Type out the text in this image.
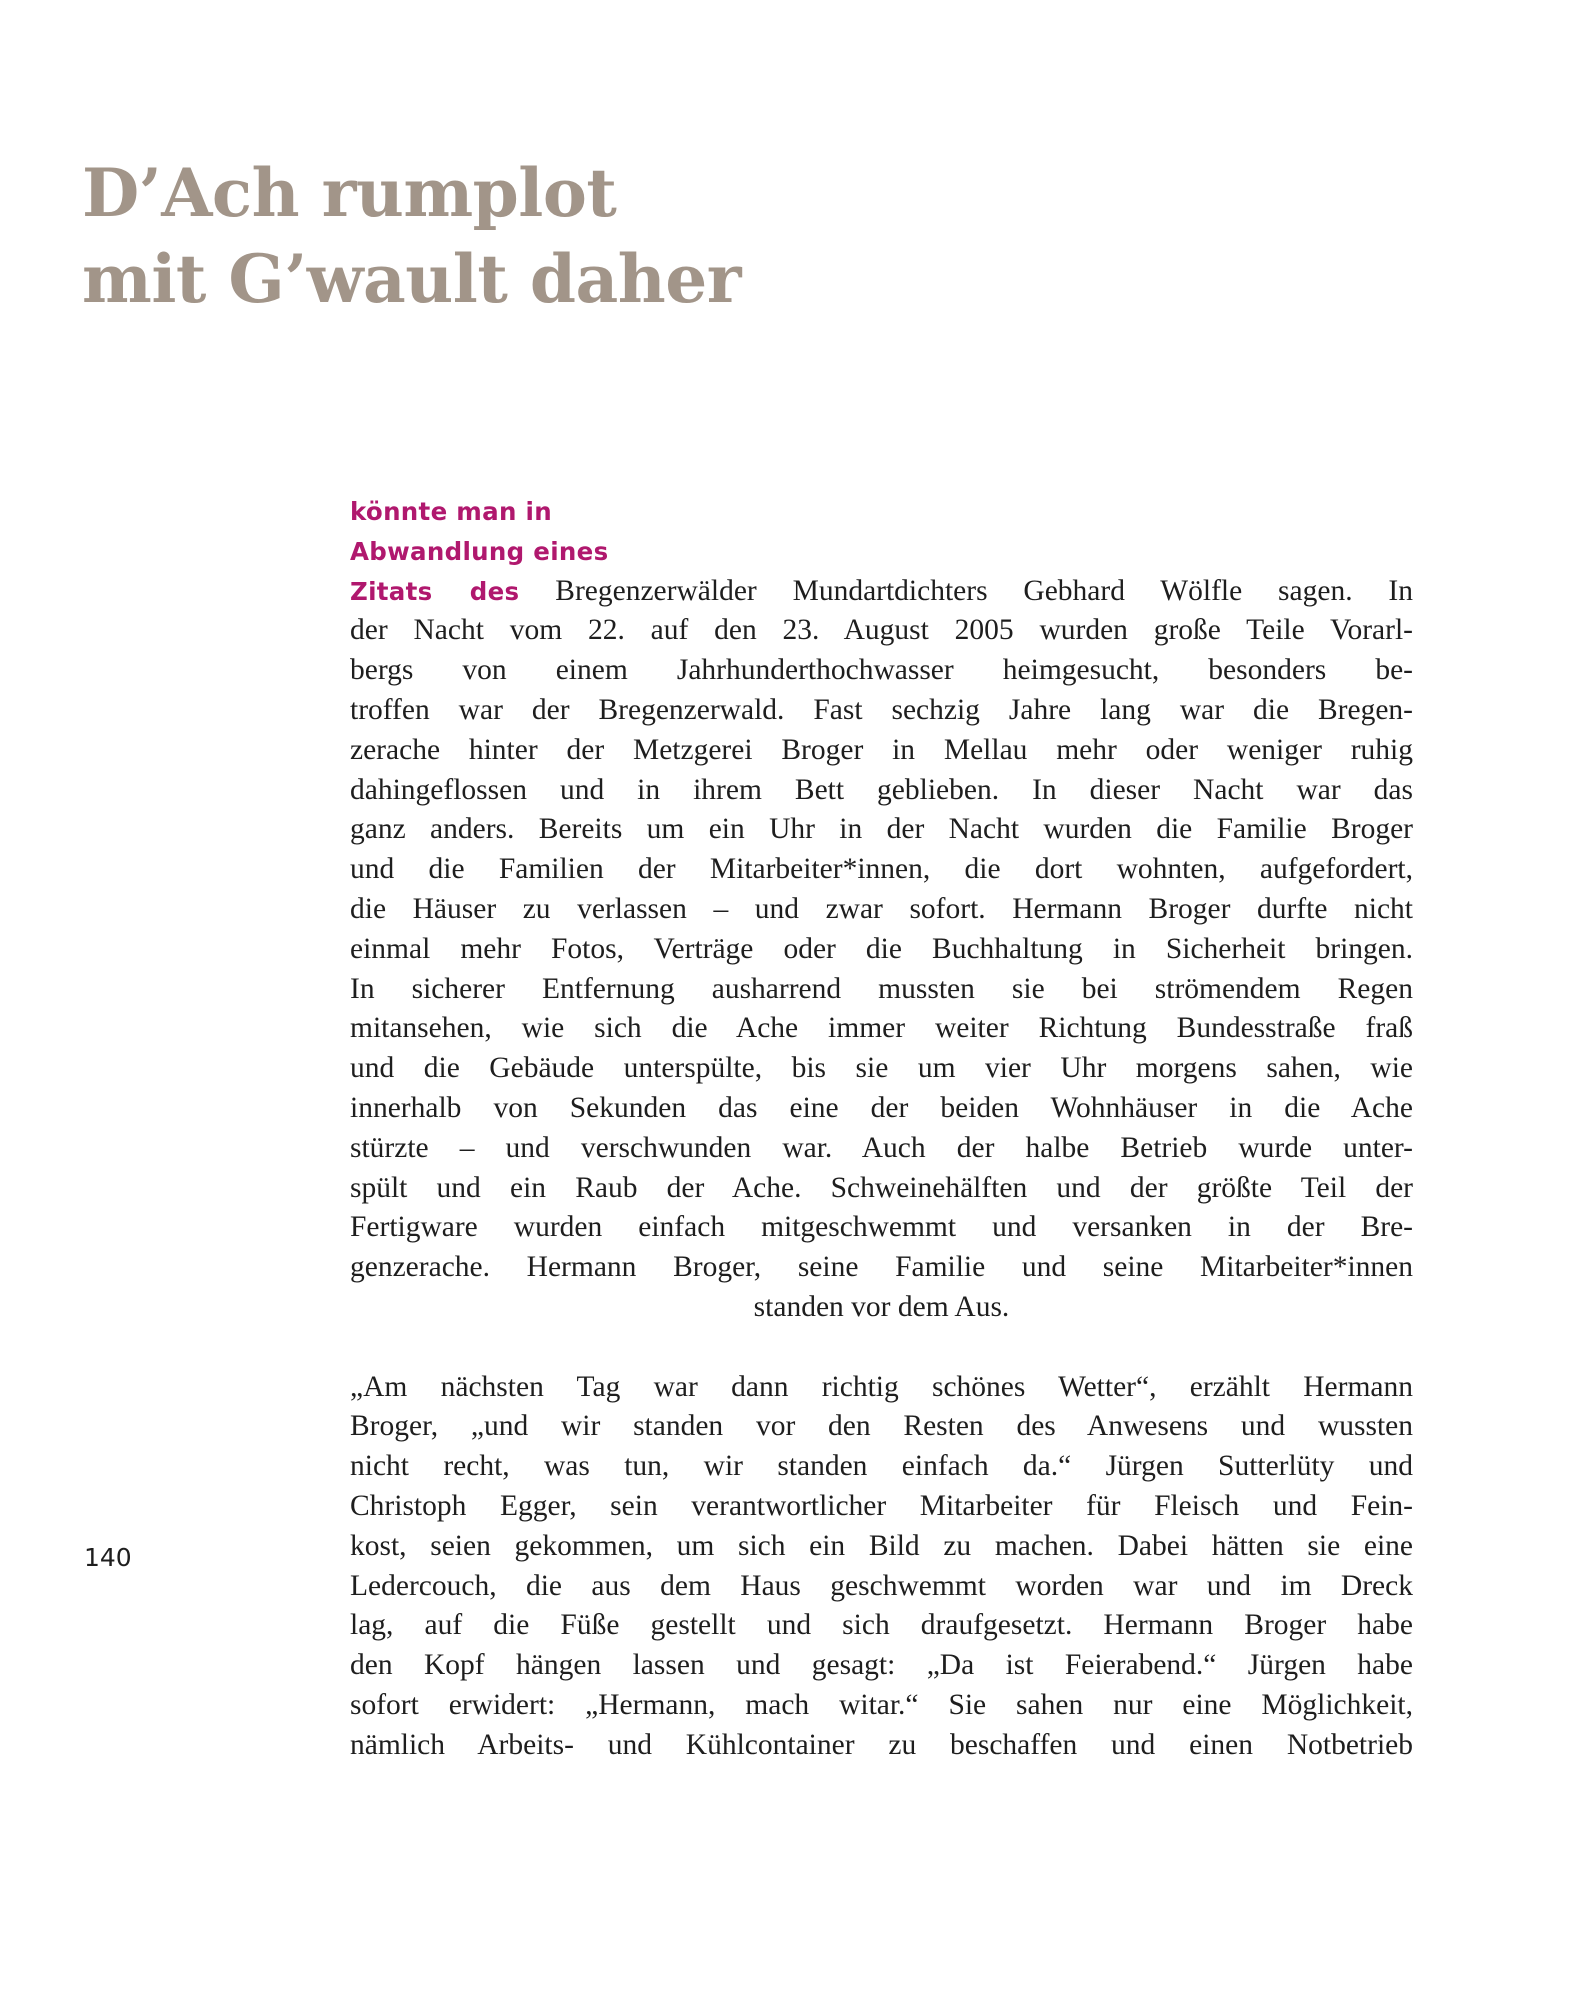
D’Ach rumplot
mit G’wault daher

könnte man in
Abwandlung eines
Zitats des Bregenzerwälder Mundartdichters Gebhard Wölfle sagen. In
der Nacht vom 22. auf den 23. August 2005 wurden große Teile Vorarl-
bergs von einem Jahrhunderthochwasser heimgesucht, besonders be-
troffen war der Bregenzerwald. Fast sechzig Jahre lang war die Bregen-
zerache hinter der Metzgerei Broger in Mellau mehr oder weniger ruhig
dahingeflossen und in ihrem Bett geblieben. In dieser Nacht war das
ganz anders. Bereits um ein Uhr in der Nacht wurden die Familie Broger
und die Familien der Mitarbeiter*innen, die dort wohnten, aufgefordert,
die Häuser zu verlassen – und zwar sofort. Hermann Broger durfte nicht
einmal mehr Fotos, Verträge oder die Buchhaltung in Sicherheit bringen.
In sicherer Entfernung ausharrend mussten sie bei strömendem Regen
mitansehen, wie sich die Ache immer weiter Richtung Bundesstraße fraß
und die Gebäude unterspülte, bis sie um vier Uhr morgens sahen, wie
innerhalb von Sekunden das eine der beiden Wohnhäuser in die Ache
stürzte – und verschwunden war. Auch der halbe Betrieb wurde unter-
spült und ein Raub der Ache. Schweinehälften und der größte Teil der
Fertigware wurden einfach mitgeschwemmt und versanken in der Bre-
genzerache. Hermann Broger, seine Familie und seine Mitarbeiter*innen
standen vor dem Aus.

„Am nächsten Tag war dann richtig schönes Wetter“, erzählt Hermann
Broger, „und wir standen vor den Resten des Anwesens und wussten
nicht recht, was tun, wir standen einfach da.“ Jürgen Sutterlüty und
Christoph Egger, sein verantwortlicher Mitarbeiter für Fleisch und Fein-
kost, seien gekommen, um sich ein Bild zu machen. Dabei hätten sie eine
Ledercouch, die aus dem Haus geschwemmt worden war und im Dreck
lag, auf die Füße gestellt und sich draufgesetzt. Hermann Broger habe
den Kopf hängen lassen und gesagt: „Da ist Feierabend.“ Jürgen habe
sofort erwidert: „Hermann, mach witar.“ Sie sahen nur eine Möglichkeit,
nämlich Arbeits- und Kühlcontainer zu beschaffen und einen Notbetrieb

140
